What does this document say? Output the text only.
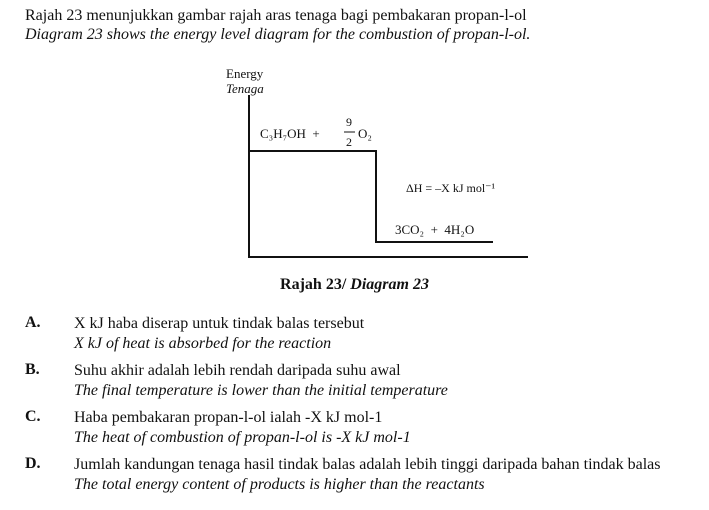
Rajah 23 menunjukkan gambar rajah aras tenaga bagi pembakaran propan-l-ol
Diagram 23 shows the energy level diagram for the combustion of propan-l-ol.
Energy
Tenaga
C₃H₇OH  +
9
2
O₂
ΔH = –X kJ mol⁻¹
3CO₂  +  4H₂O
Rajah 23/ Diagram 23
A. X kJ haba diserap untuk tindak balas tersebut
X kJ of heat is absorbed for the reaction
B. Suhu akhir adalah lebih rendah daripada suhu awal
The final temperature is lower than the initial temperature
C. Haba pembakaran propan-l-ol ialah -X kJ mol-1
The heat of combustion of propan-l-ol is -X kJ mol-1
D. Jumlah kandungan tenaga hasil tindak balas adalah lebih tinggi daripada bahan tindak balas
The total energy content of products is higher than the reactants
